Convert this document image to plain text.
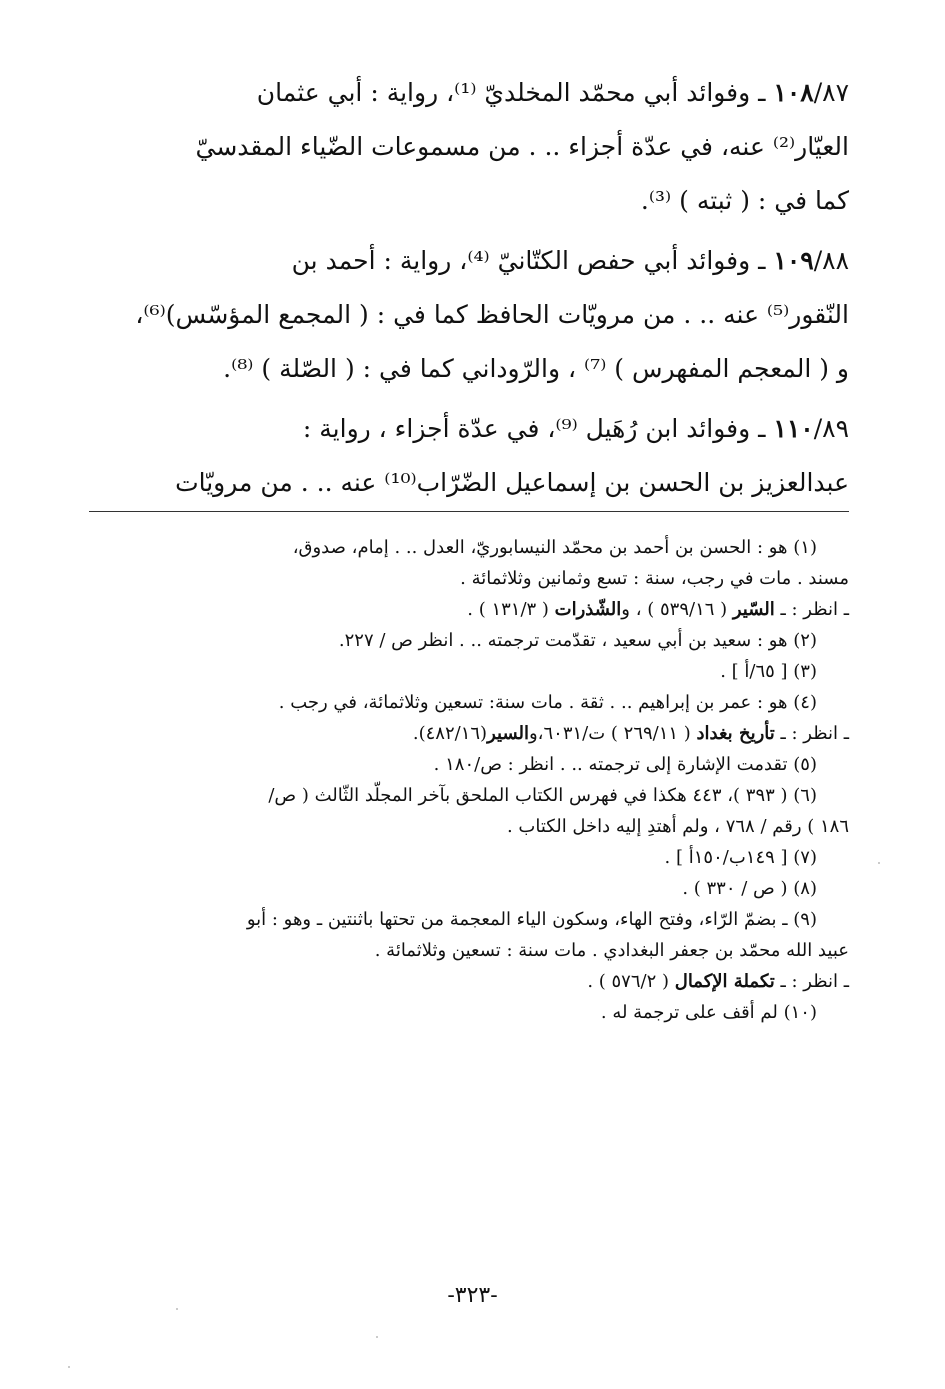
١٠٨/٨٧ ـ وفوائد أبي محمّد المخلديّ ⁽¹⁾، رواية : أبي عثمان

العيّار⁽²⁾ عنه، في عدّة أجزاء .. . من مسموعات الضّياء المقدسيّ

كما في : ( ثبته ) ⁽³⁾.

١٠٩/٨٨ ـ وفوائد أبي حفص الكتّانيّ ⁽⁴⁾، رواية : أحمد بن

النّقور⁽⁵⁾ عنه .. . من مرويّات الحافظ كما في : ( المجمع المؤسّس)⁽⁶⁾،

و ( المعجم المفهرس ) ⁽⁷⁾ ، والرّوداني كما في : ( الصّلة ) ⁽⁸⁾.

١١٠/٨٩ ـ وفوائد ابن رُهَيل ⁽⁹⁾، في عدّة أجزاء ، رواية :

عبدالعزيز بن الحسن بن إسماعيل الضّرّاب⁽¹⁰⁾ عنه .. . من مرويّات

(١) هو : الحسن بن أحمد بن محمّد النيسابوريّ، العدل .. . إمام، صدوق،

مسند . مات في رجب، سنة : تسع وثمانين وثلاثمائة .

ـ انظر : ـ السّير ( ٥٣٩/١٦ ) ، والشّذرات ( ١٣١/٣ ) .

(٢) هو : سعيد بن أبي سعيد ، تقدّمت ترجمته .. . انظر ص / ٢٢٧.

(٣) [ ٦٥/أ ] .

(٤) هو : عمر بن إبراهيم .. . ثقة . مات سنة: تسعين وثلاثمائة، في رجب .

ـ انظر : ـ تأريخ بغداد ( ٢٦٩/١١ ) ت/٦٠٣١،والسير(٤٨٢/١٦).

(٥) تقدمت الإشارة إلى ترجمته .. . انظر : ص/١٨٠ .

(٦) ( ٣٩٣ )، ٤٤٣ هكذا في فهرس الكتاب الملحق بآخر المجلّد الثّالث ( ص/

١٨٦ ) رقم / ٧٦٨ ، ولم أهتدِ إليه داخل الكتاب .

(٧) [ ١٤٩ب/١٥٠أ ] .

(٨) ( ص / ٣٣٠ ) .

(٩) ـ بضمّ الرّاء، وفتح الهاء، وسكون الياء المعجمة من تحتها باثنتين ـ وهو : أبو

عبيد الله محمّد بن جعفر البغدادي . مات سنة : تسعين وثلاثمائة .

ـ انظر : ـ تكملة الإكمال ( ٥٧٦/٢ ) .

(١٠) لم أقف على ترجمة له .

-٣٢٣-
